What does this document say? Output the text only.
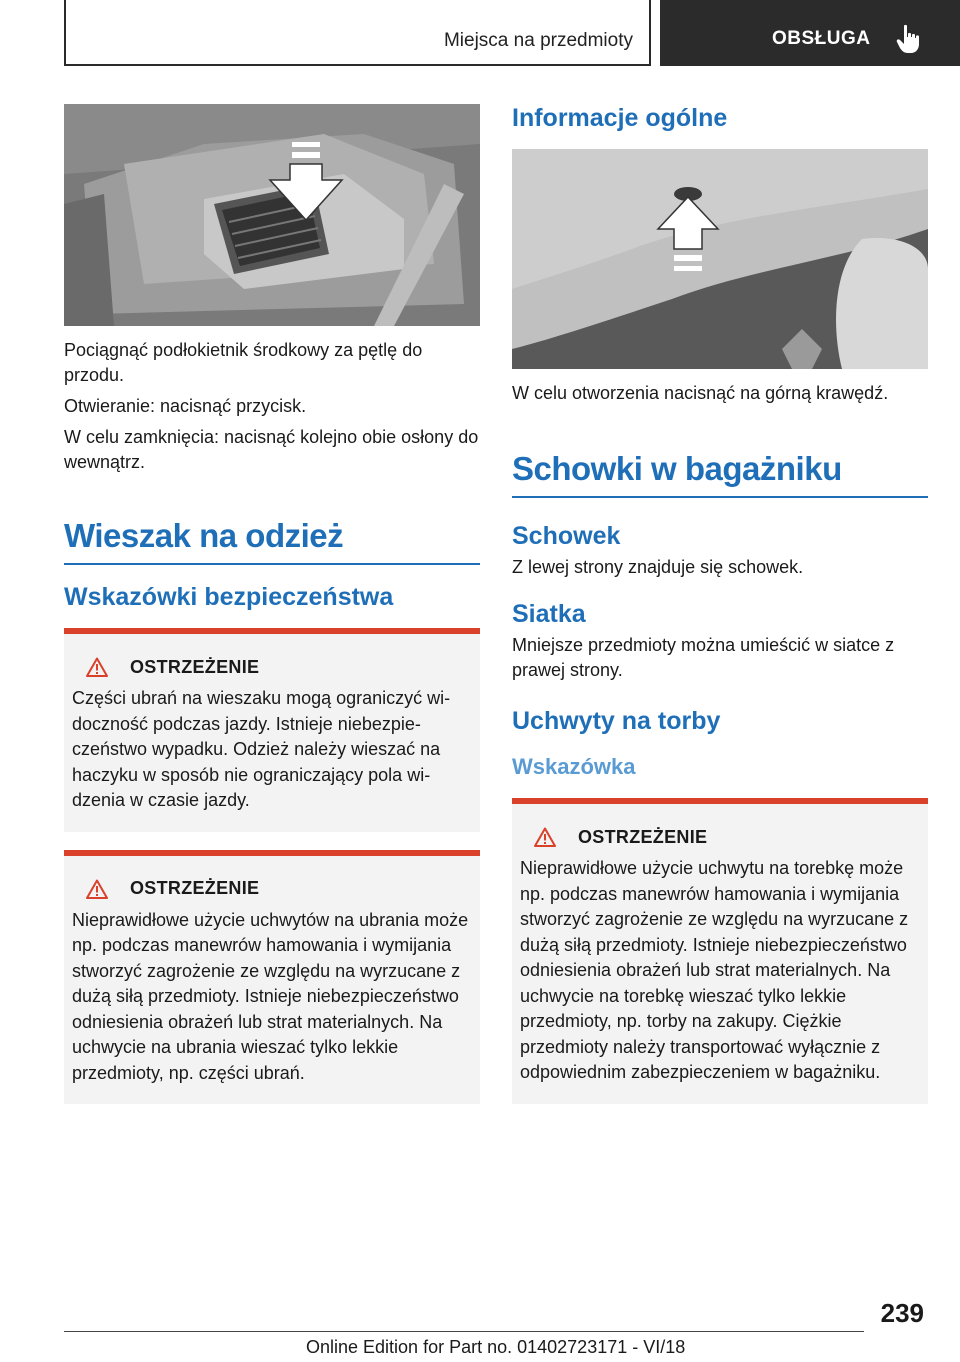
Miejsca na przedmioty	OBSŁUGA

Pociągnąć podłokietnik środkowy za pętlę do przodu.

Otwieranie: nacisnąć przycisk.

W celu zamknięcia: nacisnąć kolejno obie osłony do wewnątrz.

Wieszak na odzież
Wskazówki bezpieczeństwa
OSTRZEŻENIE

Części ubrań na wieszaku mogą ograniczyć widoczność podczas jazdy. Istnieje niebezpieczeństwo wypadku. Odzież należy wieszać na haczyku w sposób nie ograniczający pola widzenia w czasie jazdy.

OSTRZEŻENIE

Nieprawidłowe użycie uchwytów na ubrania może np. podczas manewrów hamowania i wymijania stworzyć zagrożenie ze względu na wyrzucane z dużą siłą przedmioty. Istnieje niebezpieczeństwo odniesienia obrażeń lub strat materialnych. Na uchwycie na ubrania wieszać tylko lekkie przedmioty, np. części ubrań.

Informacje ogólne

W celu otworzenia nacisnąć na górną krawędź.

Schowki w bagażniku
Schowek

Z lewej strony znajduje się schowek.

Siatka

Mniejsze przedmioty można umieścić w siatce z prawej strony.

Uchwyty na torby
Wskazówka
OSTRZEŻENIE

Nieprawidłowe użycie uchwytu na torebkę może np. podczas manewrów hamowania i wymijania stworzyć zagrożenie ze względu na wyrzucane z dużą siłą przedmioty. Istnieje niebezpieczeństwo odniesienia obrażeń lub strat materialnych. Na uchwycie na torebkę wieszać tylko lekkie przedmioty, np. torby na zakupy. Ciężkie przedmioty należy transportować wyłącznie z odpowiednim zabezpieczeniem w bagażniku.

239
Online Edition for Part no. 01402723171 - VI/18
